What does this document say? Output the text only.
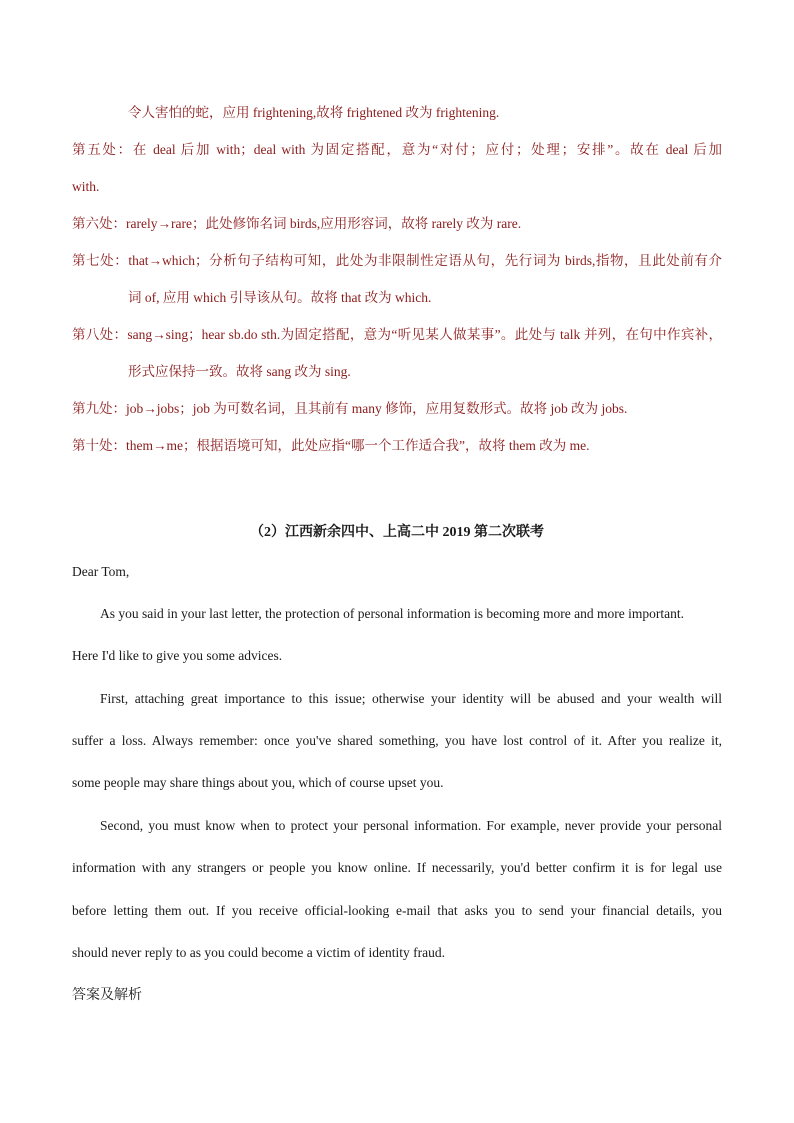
令人害怕的蛇，应用 frightening,故将 frightened 改为 frightening.
第五处：在 deal 后加 with；deal with 为固定搭配，意为“对付；应付；处理；安排”。故在 deal 后加
with.
第六处：rarely→rare；此处修饰名词 birds,应用形容词，故将 rarely 改为 rare.
第七处：that→which；分析句子结构可知，此处为非限制性定语从句，先行词为 birds,指物，且此处前有介
词 of, 应用 which 引导该从句。故将 that 改为 which.
第八处：sang→sing；hear sb.do sth.为固定搭配，意为“听见某人做某事”。此处与 talk 并列，在句中作宾补，
形式应保持一致。故将 sang 改为 sing.
第九处：job→jobs；job 为可数名词，且其前有 many 修饰，应用复数形式。故将 job 改为 jobs.
第十处：them→me；根据语境可知，此处应指“哪一个工作适合我”，故将 them 改为 me.
（2）江西新余四中、上高二中 2019 第二次联考
Dear Tom,
As you said in your last letter, the protection of personal information is becoming more and more important.
Here I'd like to give you some advices.
First, attaching great importance to this issue; otherwise your identity will be abused and your wealth will
suffer a loss. Always remember: once you've shared something, you have lost control of it. After you realize it,
some people may share things about you, which of course upset you.
Second, you must know when to protect your personal information. For example, never provide your personal
information with any strangers or people you know online. If necessarily, you'd better confirm it is for legal use
before letting them out. If you receive official-looking e-mail that asks you to send your financial details, you
should never reply to as you could become a victim of identity fraud.
答案及解析
